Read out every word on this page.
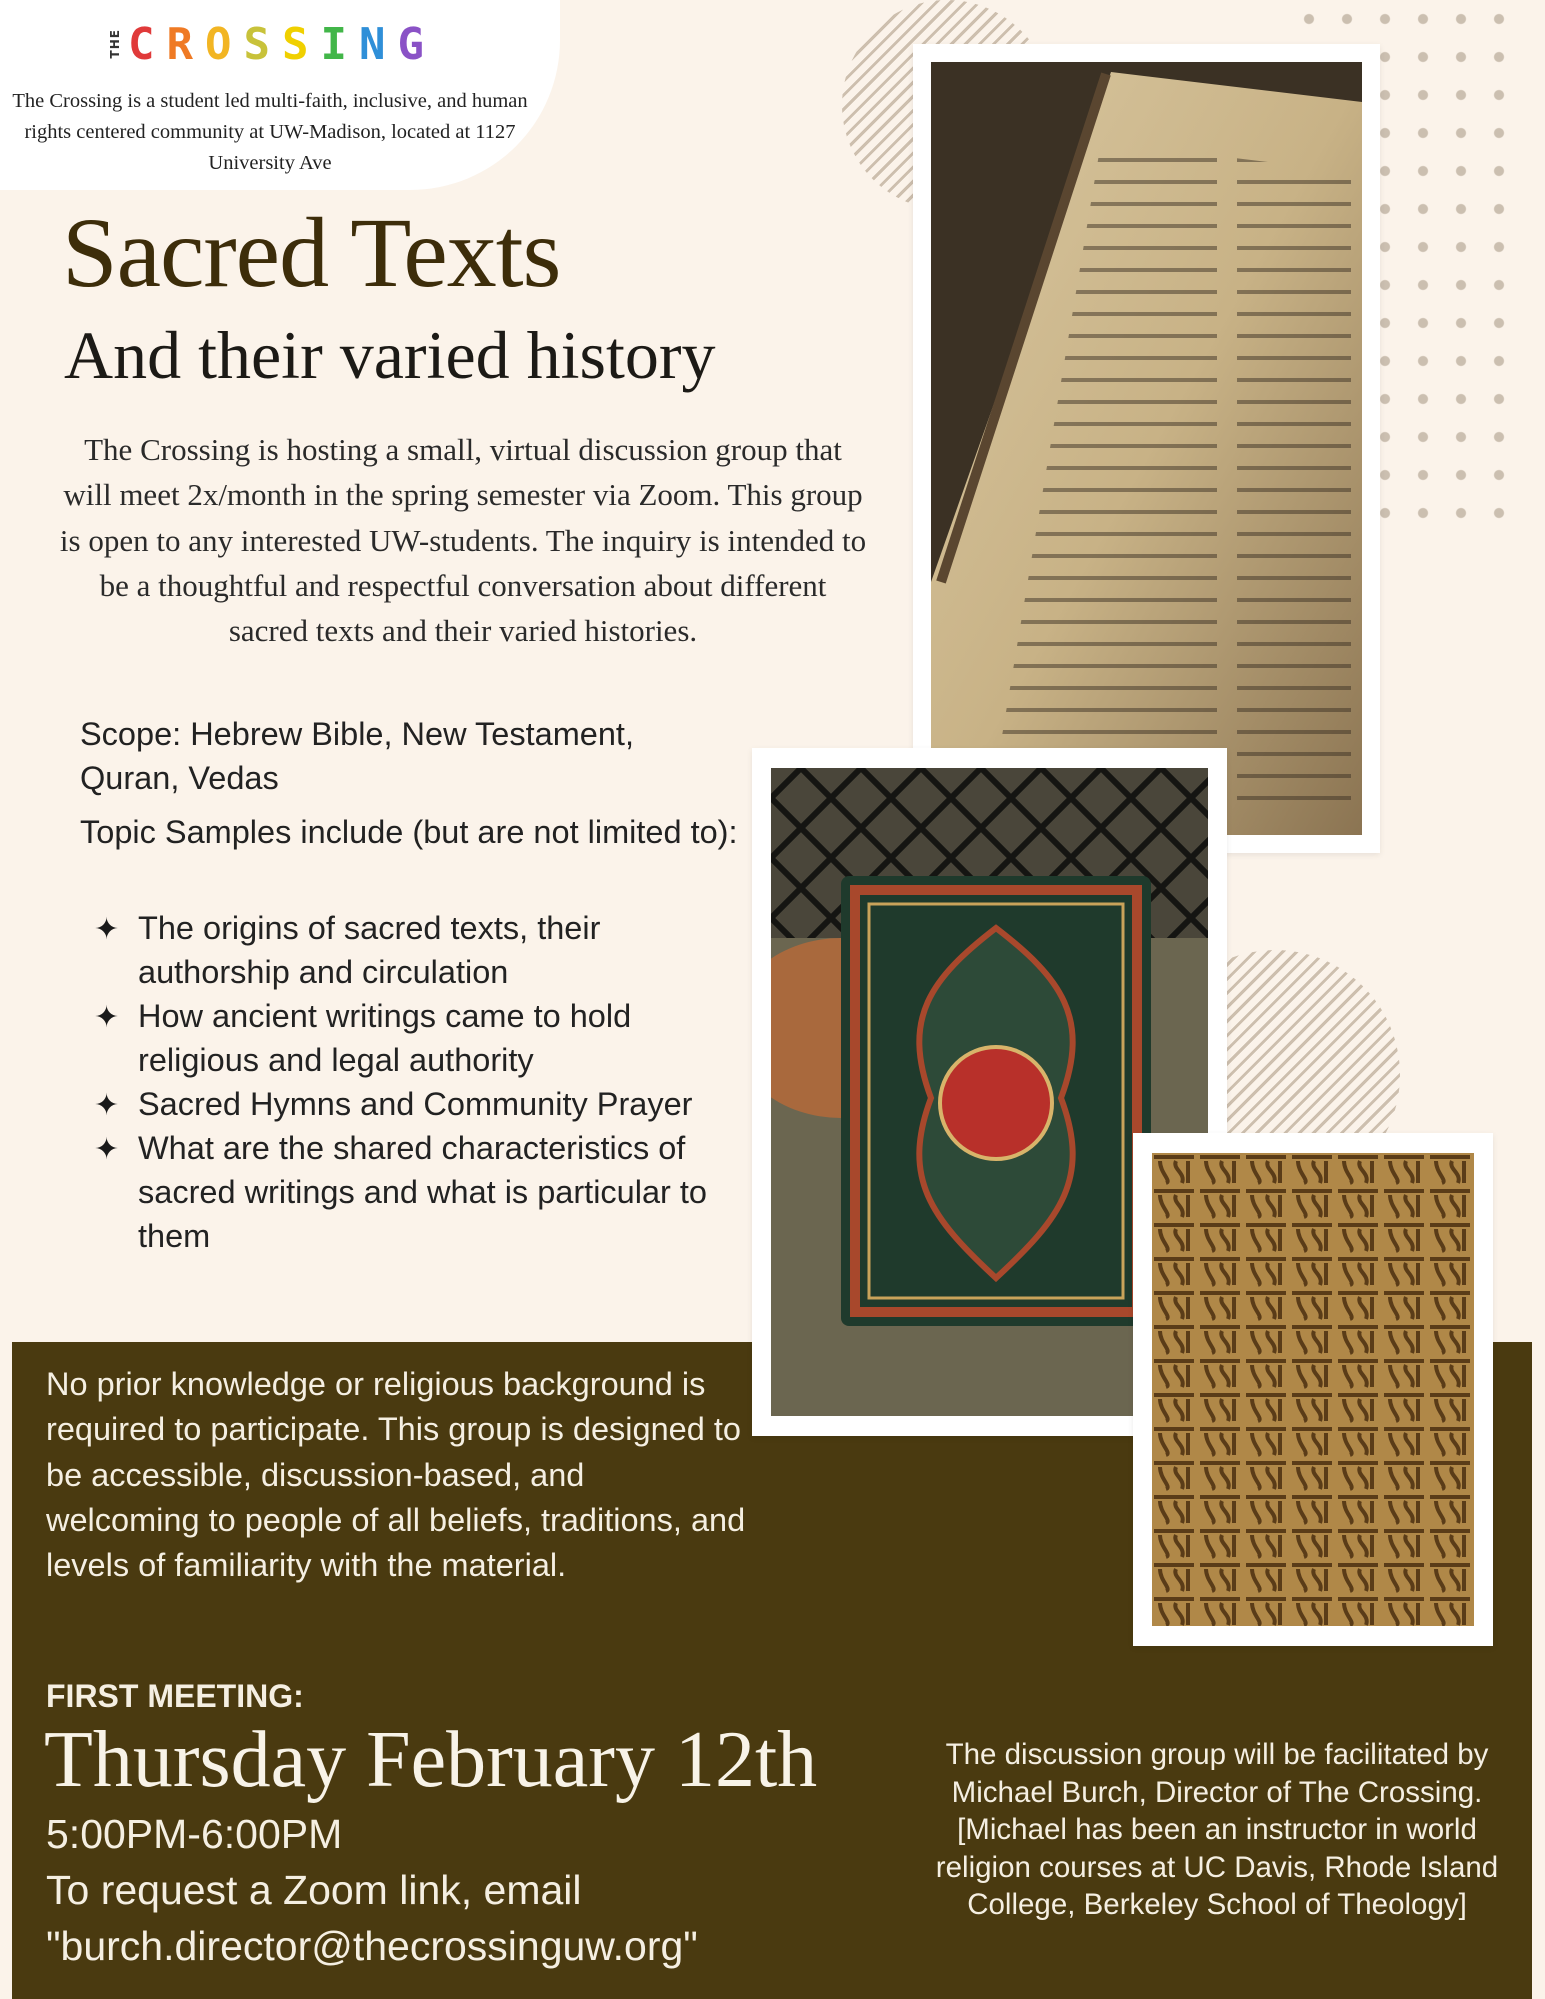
THE C R O S S I N G
The Crossing is a student led multi-faith, inclusive, and human rights centered community at UW-Madison, located at 1127 University Ave
Sacred Texts
And their varied history
The Crossing is hosting a small, virtual discussion group that will meet 2x/month in the spring semester via Zoom. This group is open to any interested UW-students. The inquiry is intended to be a thoughtful and respectful conversation about different sacred texts and their varied histories.
Scope: Hebrew Bible, New Testament, Quran, Vedas
Topic Samples include (but are not limited to):
✦ The origins of sacred texts, their authorship and circulation
✦ How ancient writings came to hold religious and legal authority
✦ Sacred Hymns and Community Prayer
✦ What are the shared characteristics of sacred writings and what is particular to them
No prior knowledge or religious background is required to participate. This group is designed to be accessible, discussion-based, and welcoming to people of all beliefs, traditions, and levels of familiarity with the material.
FIRST MEETING:
Thursday February 12th
5:00PM-6:00PM
To request a Zoom link, email "burch.director@thecrossinguw.org"
The discussion group will be facilitated by Michael Burch, Director of The Crossing. [Michael has been an instructor in world religion courses at UC Davis, Rhode Island College, Berkeley School of Theology]
